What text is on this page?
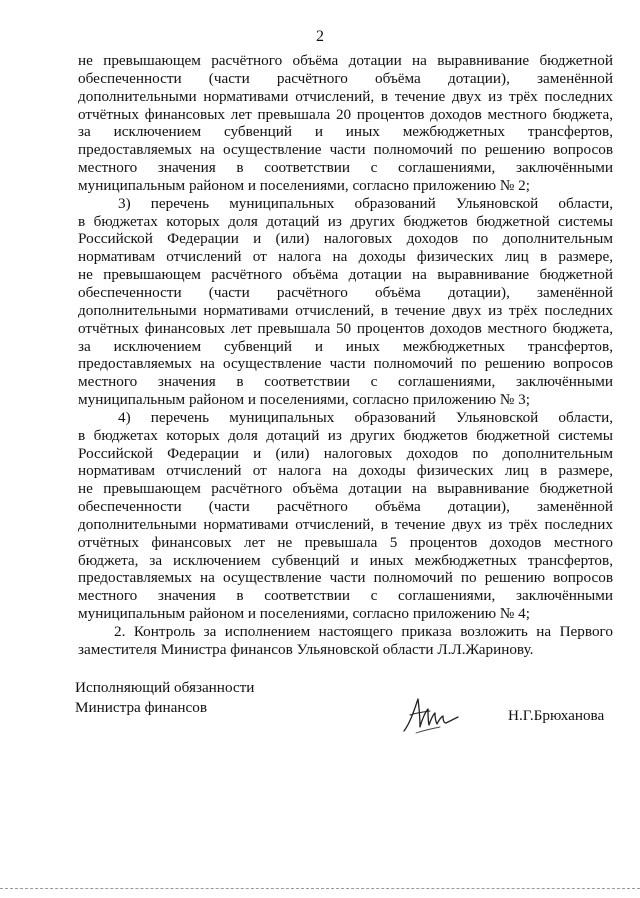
2
не превышающем расчётного объёма дотации на выравнивание бюджетной
обеспеченности (части расчётного объёма дотации), заменённой
дополнительными нормативами отчислений, в течение двух из трёх последних
отчётных финансовых лет превышала 20 процентов доходов местного бюджета,
за исключением субвенций и иных межбюджетных трансфертов,
предоставляемых на осуществление части полномочий по решению вопросов
местного значения в соответствии с соглашениями, заключёнными
муниципальным районом и поселениями, согласно приложению № 2;
3) перечень муниципальных образований Ульяновской области,
в бюджетах которых доля дотаций из других бюджетов бюджетной системы
Российской Федерации и (или) налоговых доходов по дополнительным
нормативам отчислений от налога на доходы физических лиц в размере,
не превышающем расчётного объёма дотации на выравнивание бюджетной
обеспеченности (части расчётного объёма дотации), заменённой
дополнительными нормативами отчислений, в течение двух из трёх последних
отчётных финансовых лет превышала 50 процентов доходов местного бюджета,
за исключением субвенций и иных межбюджетных трансфертов,
предоставляемых на осуществление части полномочий по решению вопросов
местного значения в соответствии с соглашениями, заключёнными
муниципальным районом и поселениями, согласно приложению № 3;
4) перечень муниципальных образований Ульяновской области,
в бюджетах которых доля дотаций из других бюджетов бюджетной системы
Российской Федерации и (или) налоговых доходов по дополнительным
нормативам отчислений от налога на доходы физических лиц в размере,
не превышающем расчётного объёма дотации на выравнивание бюджетной
обеспеченности (части расчётного объёма дотации), заменённой
дополнительными нормативами отчислений, в течение двух из трёх последних
отчётных финансовых лет не превышала 5 процентов доходов местного
бюджета, за исключением субвенций и иных межбюджетных трансфертов,
предоставляемых на осуществление части полномочий по решению вопросов
местного значения в соответствии с соглашениями, заключёнными
муниципальным районом и поселениями, согласно приложению № 4;
2. Контроль за исполнением настоящего приказа возложить на Первого
заместителя Министра финансов Ульяновской области Л.Л.Жаринову.
Исполняющий обязанности
Министра финансов	Н.Г.Брюханова
